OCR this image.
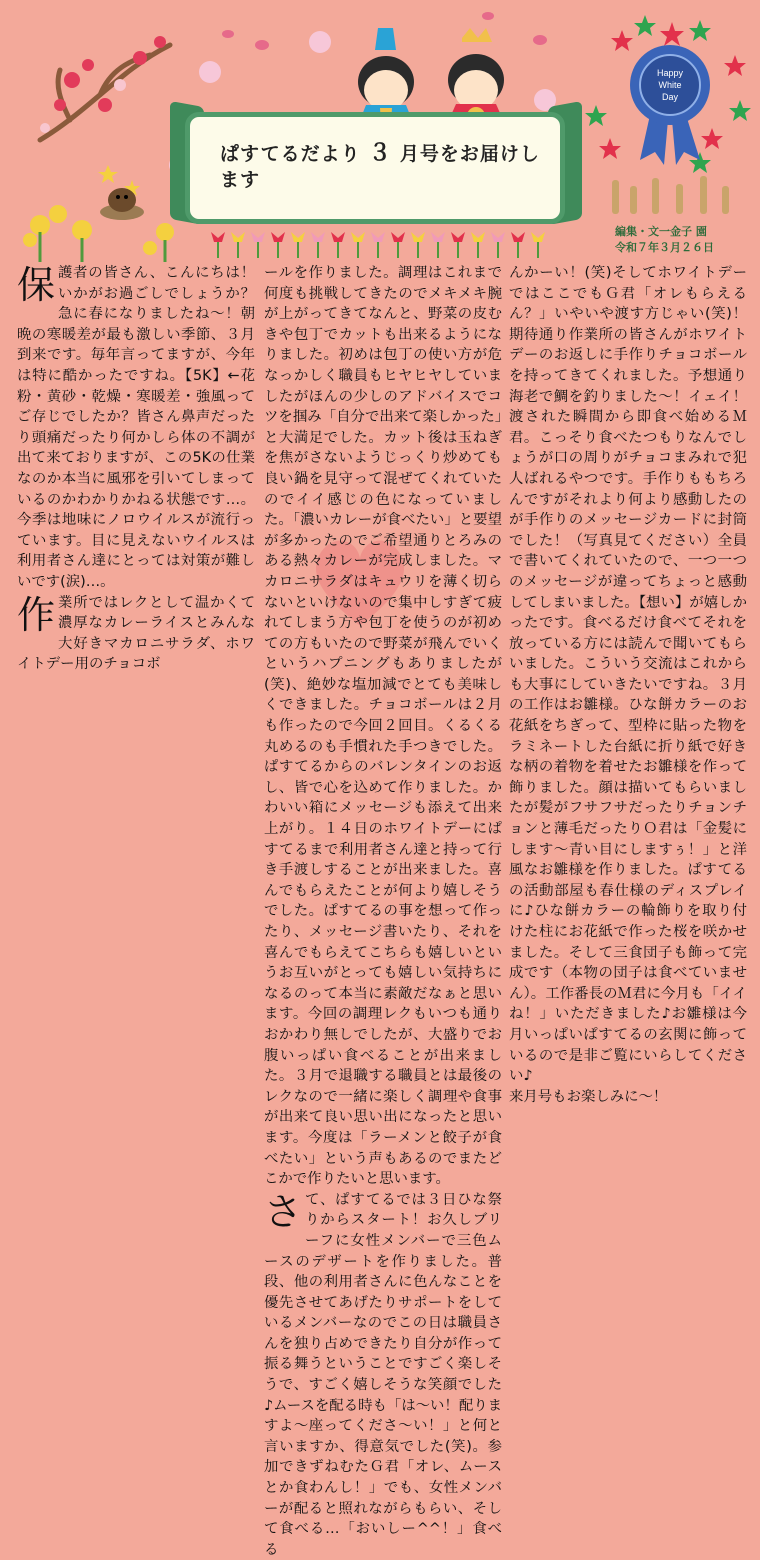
Happy
White
Day
ぱすてるだより ３ 月号をお届けします
編集・文一金子 園
令和７年３月２６日

保護者の皆さん、こんにちは！いかがお過ごしでしょうか？急に春になりましたね～！朝晩の寒暖差が最も激しい季節、３月到来です。毎年言ってますが、今年は特に酷かったですね。【5K】←花粉・黄砂・乾燥・寒暖差・強風ってご存じでしたか？皆さん鼻声だったり頭痛だったり何かしら体の不調が出て来ておりますが、この5Kの仕業なのか本当に風邪を引いてしまっているのかわかりかねる状態です…。今季は地味にノロウイルスが流行っています。目に見えないウイルスは利用者さん達にとっては対策が難しいです(涙)…。

作業所ではレクとして温かくて濃厚なカレーライスとみんな大好きマカロニサラダ、ホワイトデー用のチョコボ

ールを作りました。調理はこれまで何度も挑戦してきたのでメキメキ腕が上がってきてなんと、野菜の皮むきや包丁でカットも出来るようになりました。初めは包丁の使い方が危なっかしく職員もヒヤヒヤしていましたがほんの少しのアドバイスでコツを掴み「自分で出来て楽しかった」と大満足でした。カット後は玉ねぎを焦がさないようじっくり炒めても良い鍋を見守って混ぜてくれていたのでイイ感じの色になっていました。「濃いカレーが食べたい」と要望が多かったのでご希望通りとろみのある熱々カレーが完成しました。マカロニサラダはキュウリを薄く切らないといけないので集中しすぎて疲れてしまう方や包丁を使うのが初めての方もいたので野菜が飛んでいくというハプニングもありましたが(笑)、絶妙な塩加減でとても美味しくできました。チョコボールは２月も作ったので今回２回目。くるくる丸めるのも手慣れた手つきでした。ぱすてるからのバレンタインのお返し、皆で心を込めて作りました。かわいい箱にメッセージも添えて出来上がり。１４日のホワイトデーにぱすてるまで利用者さん達と持って行き手渡しすることが出来ました。喜んでもらえたことが何より嬉しそうでした。ぱすてるの事を想って作ったり、メッセージ書いたり、それを喜んでもらえてこちらも嬉しいというお互いがとっても嬉しい気持ちになるのって本当に素敵だなぁと思います。今回の調理レクもいつも通りおかわり無しでしたが、大盛りでお腹いっぱい食べることが出来ました。３月で退職する職員とは最後のレクなので一緒に楽しく調理や食事が出来て良い思い出になったと思います。今度は「ラーメンと餃子が食べたい」という声もあるのでまたどこかで作りたいと思います。

さて、ぱすてるでは３日ひな祭りからスタート！お久しブリーフに女性メンバーで三色ムースのデザートを作りました。普段、他の利用者さんに色んなことを優先させてあげたりサポートをしているメンバーなのでこの日は職員さんを独り占めできたり自分が作って振る舞うということですごく楽しそうで、すごく嬉しそうな笑顔でした♪ムースを配る時も「は～い！配りますよ～座ってくださ～い！」と何と言いますか、得意気でした(笑)。参加できずねむたＧ君「オレ、ムースとか食わんし！」でも、女性メンバーが配ると照れながらもらい、そして食べる…「おいしー^^！」食べる

んかーい！(笑)そしてホワイトデーではここでもＧ君「オレもらえるん？」いやいや渡す方じゃい(笑)！期待通り作業所の皆さんがホワイトデーのお返しに手作りチョコボールを持ってきてくれました。予想通り海老で鯛を釣りました～！イェイ！渡された瞬間から即食べ始めるＭ君。こっそり食べたつもりなんでしょうが口の周りがチョコまみれで犯人ばれるやつです。手作りももちろんですがそれより何より感動したのが手作りのメッセージカードに封筒でした！（写真見てください）全員で書いてくれていたので、一つ一つのメッセージが違ってちょっと感動してしまいました。【想い】が嬉しかったです。食べるだけ食べてそれを放っている方には読んで聞いてもらいました。こういう交流はこれからも大事にしていきたいですね。３月の工作はお雛様。ひな餅カラーのお花紙をちぎって、型枠に貼った物をラミネートした台紙に折り紙で好きな柄の着物を着せたお雛様を作って飾りました。顔は描いてもらいましたが髪がフサフサだったりチョンチョンと薄毛だったりＯ君は「金髪にします～青い目にしますぅ！」と洋風なお雛様を作りました。ぱすてるの活動部屋も春仕様のディスプレイに♪ひな餅カラーの輪飾りを取り付けた柱にお花紙で作った桜を咲かせました。そして三食団子も飾って完成です（本物の団子は食べていません）。工作番長のＭ君に今月も「イイね！」いただきました♪お雛様は今月いっぱいぱすてるの玄関に飾っているので是非ご覧にいらしてください♪
来月号もお楽しみに～！
